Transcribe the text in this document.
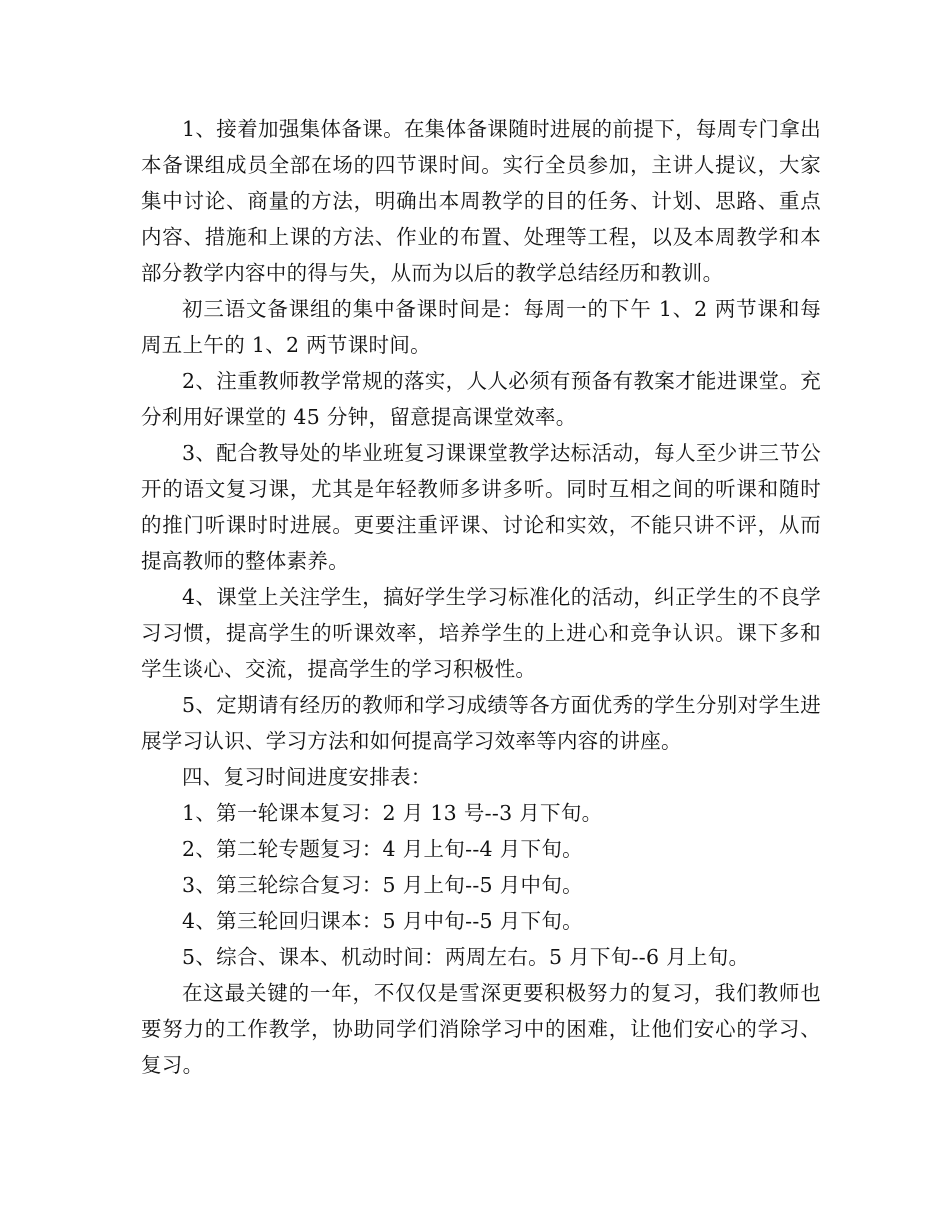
1、接着加强集体备课。在集体备课随时进展的前提下，每周专门拿出本备课组成员全部在场的四节课时间。实行全员参加，主讲人提议，大家集中讨论、商量的方法，明确出本周教学的目的任务、计划、思路、重点内容、措施和上课的方法、作业的布置、处理等工程，以及本周教学和本部分教学内容中的得与失，从而为以后的教学总结经历和教训。

初三语文备课组的集中备课时间是：每周一的下午 1、2 两节课和每周五上午的 1、2 两节课时间。

2、注重教师教学常规的落实，人人必须有预备有教案才能进课堂。充分利用好课堂的 45 分钟，留意提高课堂效率。

3、配合教导处的毕业班复习课课堂教学达标活动，每人至少讲三节公开的语文复习课，尤其是年轻教师多讲多听。同时互相之间的听课和随时的推门听课时时进展。更要注重评课、讨论和实效，不能只讲不评，从而提高教师的整体素养。

4、课堂上关注学生，搞好学生学习标准化的活动，纠正学生的不良学习习惯，提高学生的听课效率，培养学生的上进心和竞争认识。课下多和学生谈心、交流，提高学生的学习积极性。

5、定期请有经历的教师和学习成绩等各方面优秀的学生分别对学生进展学习认识、学习方法和如何提高学习效率等内容的讲座。

四、复习时间进度安排表：

1、第一轮课本复习：2 月 13 号--3 月下旬。

2、第二轮专题复习：4 月上旬--4 月下旬。

3、第三轮综合复习：5 月上旬--5 月中旬。

4、第三轮回归课本：5 月中旬--5 月下旬。

5、综合、课本、机动时间：两周左右。5 月下旬--6 月上旬。

在这最关键的一年，不仅仅是雪深更要积极努力的复习，我们教师也要努力的工作教学，协助同学们消除学习中的困难，让他们安心的学习、复习。
